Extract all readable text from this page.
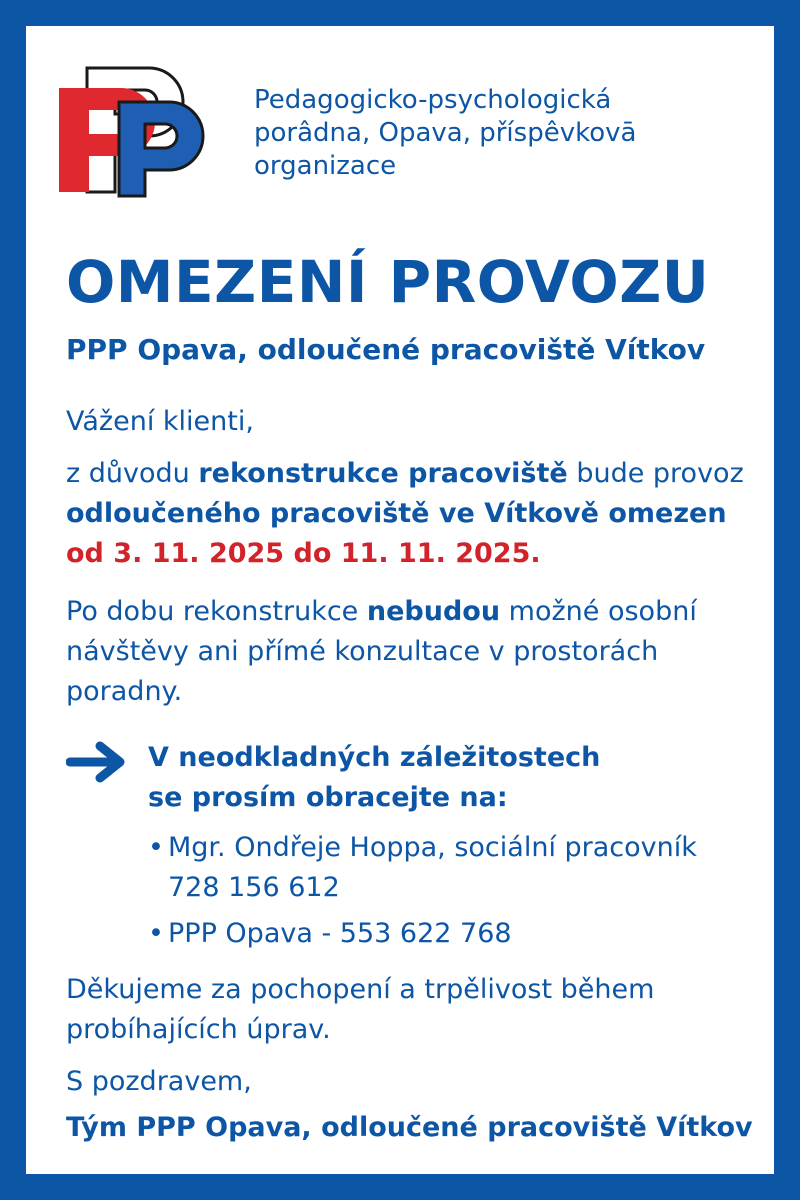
Pedagogicko-psychologická
porâdna, Opava, příspêvkovā
organizace
OMEZENÍ PROVOZU
PPP Opava, odloučené pracoviště Vítkov

Vážení klienti,

z důvodu rekonstrukce pracoviště bude provoz
odloučeného pracoviště ve Vítkově omezen
od 3. 11. 2025 do 11. 11. 2025.

Po dobu rekonstrukce nebudou možné osobní
návštěvy ani přímé konzultace v prostorách
poradny.

V neodkladných záležitostech
se prosím obracejte na:

• Mgr. Ondřeje Hoppa, sociální pracovník
728 156 612
• PPP Opava - 553 622 768

Děkujeme za pochopení a trpělivost během
probíhajících úprav.

S pozdravem,

Tým PPP Opava, odloučené pracoviště Vítkov
